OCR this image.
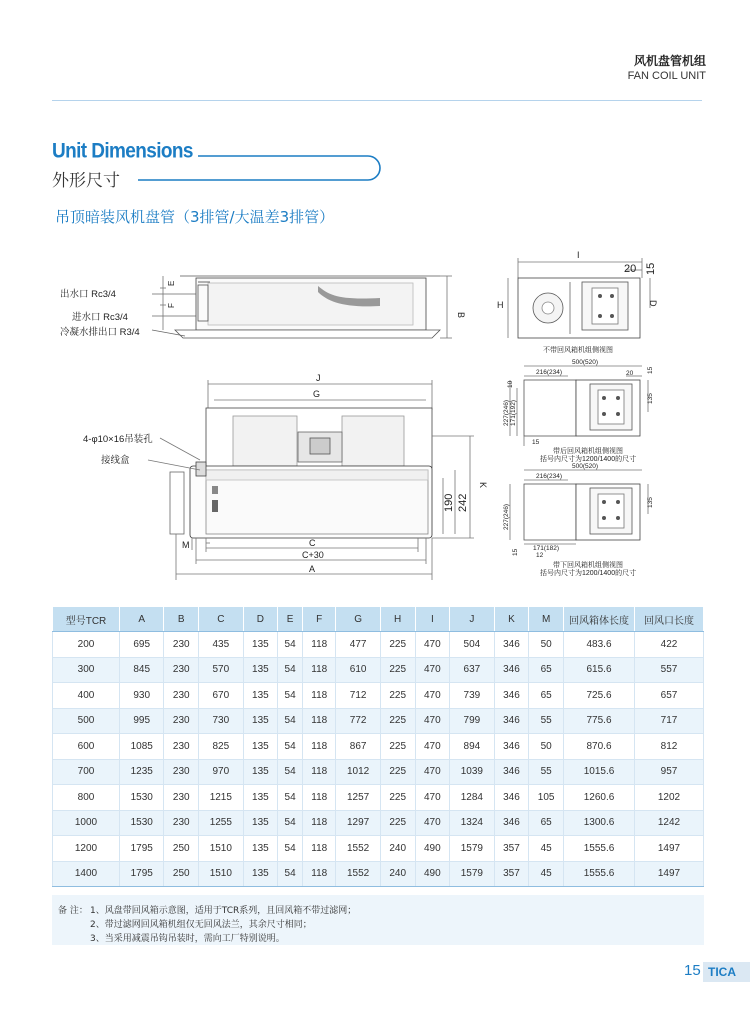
风机盘管机组
FAN COIL UNIT
Unit Dimensions
外形尺寸
吊顶暗装风机盘管（3排管/大温差3排管）
出水口 Rc3/4
进水口 Rc3/4
冷凝水排出口 R3/4
E
F
B
J
G
4-φ10×16吊装孔
接线盒
M	C
C+30
A
190 242
K
I
20 15
H	D
不带回风箱机组侧视图
500(520)
216(234)	20 15
135
227(246) 171(192)
10
15
带后回风箱机组侧视图
括号内尺寸为1200/1400的尺寸
500(520)
216(234)
135
227(246)
171(182)
12
15
带下回风箱机组侧视图
括号内尺寸为1200/1400的尺寸
型号TCR	A	B	C	D	E	F	G	H	I	J	K	M	回风箱体长度	回风口长度
200	695	230	435	135	54	118	477	225	470	504	346	50	483.6	422
300	845	230	570	135	54	118	610	225	470	637	346	65	615.6	557
400	930	230	670	135	54	118	712	225	470	739	346	65	725.6	657
500	995	230	730	135	54	118	772	225	470	799	346	55	775.6	717
600	1085	230	825	135	54	118	867	225	470	894	346	50	870.6	812
700	1235	230	970	135	54	118	1012	225	470	1039	346	55	1015.6	957
800	1530	230	1215	135	54	118	1257	225	470	1284	346	105	1260.6	1202
1000	1530	230	1255	135	54	118	1297	225	470	1324	346	65	1300.6	1242
1200	1795	250	1510	135	54	118	1552	240	490	1579	357	45	1555.6	1497
1400	1795	250	1510	135	54	118	1552	240	490	1579	357	45	1555.6	1497
备 注： 1、风盘带回风箱示意图，适用于TCR系列，且回风箱不带过滤网；
2、带过滤网回风箱机组仅无回风法兰，其余尺寸相同；
3、当采用减震吊钩吊装时，需向工厂特别说明。
15 TICA
